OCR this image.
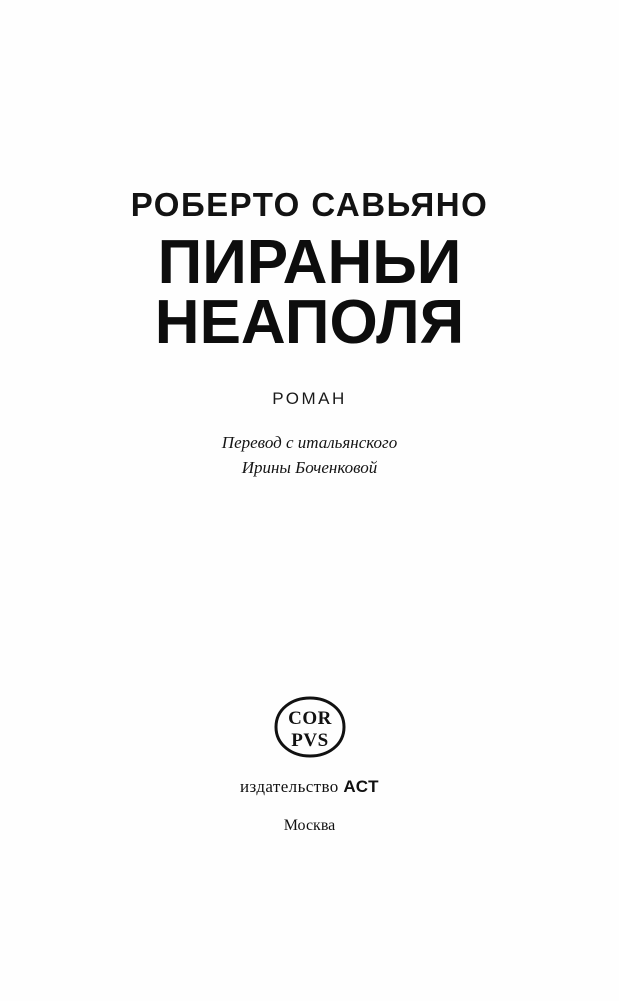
РОБЕРТО САВЬЯНО
ПИРАНЬИ
НЕАПОЛЯ
РОМАН
Перевод с итальянского
Ирины Боченковой
COR
PVS
издательство АСТ
Москва
